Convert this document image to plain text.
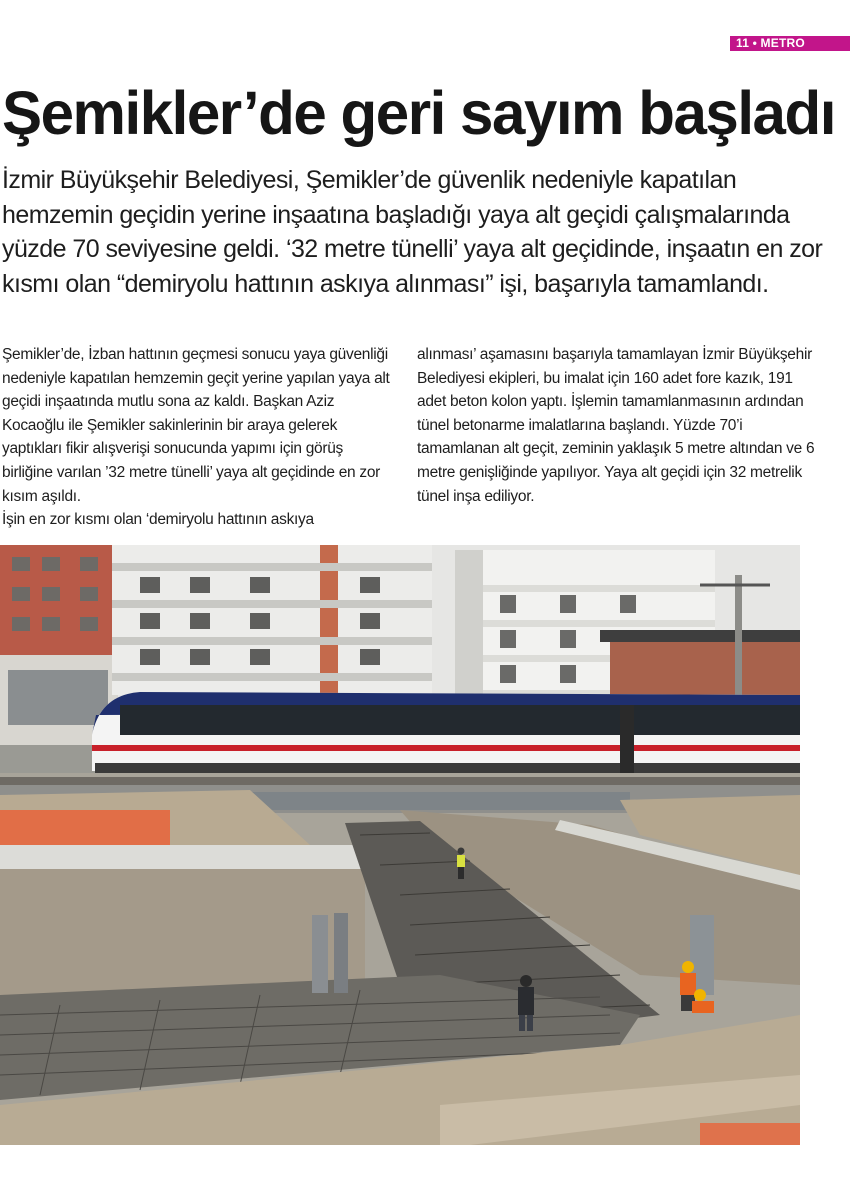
11 • METRO
Şemikler’de geri sayım başladı

İzmir Büyükşehir Belediyesi, Şemikler’de güvenlik nedeniyle kapatılan hemzemin geçidin yerine inşaatına başladığı yaya alt geçidi çalışmalarında yüzde 70 seviyesine geldi. ‘32 metre tünelli’ yaya alt geçidinde, inşaatın en zor kısmı olan “demiryolu hattının askıya alınması” işi, başarıyla tamamlandı.

Şemikler’de, İzban hattının geçmesi sonucu yaya güvenliği nedeniyle kapatılan hemzemin geçit yerine yapılan yaya alt geçidi inşaatında mutlu sona az kaldı. Başkan Aziz Kocaoğlu ile Şemikler sakinlerinin bir araya gelerek yaptıkları fikir alışverişi sonucunda yapımı için görüş birliğine varılan ’32 metre tünelli’ yaya alt geçidinde en zor kısım aşıldı.
İşin en zor kısmı olan ‘demiryolu hattının askıya

alınması’ aşamasını başarıyla tamamlayan İzmir Büyükşehir Belediyesi ekipleri, bu imalat için 160 adet fore kazık, 191 adet beton kolon yaptı. İşlemin tamamlanmasının ardından tünel betonarme imalatlarına başlandı. Yüzde 70’i tamamlanan alt geçit, zeminin yaklaşık 5 metre altından ve 6 metre genişliğinde yapılıyor. Yaya alt geçidi için 32 metrelik tünel inşa ediliyor.
